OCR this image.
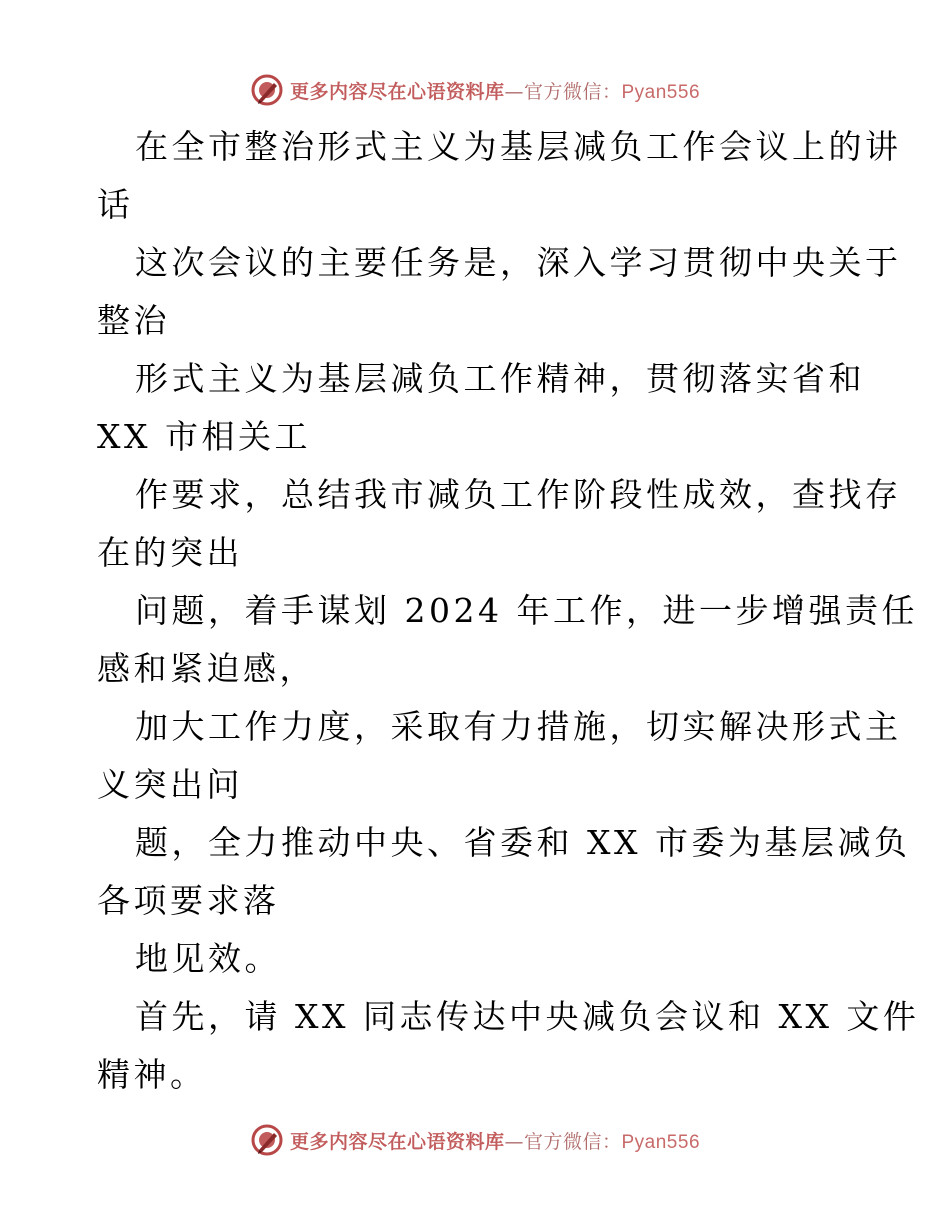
更多内容尽在心语资料库—官方微信：Pyan556
在全市整治形式主义为基层减负工作会议上的讲
话
这次会议的主要任务是，深入学习贯彻中央关于
整治
形式主义为基层减负工作精神，贯彻落实省和
XX 市相关工
作要求，总结我市减负工作阶段性成效，查找存
在的突出
问题，着手谋划 2024 年工作，进一步增强责任
感和紧迫感，
加大工作力度，采取有力措施，切实解决形式主
义突出问
题，全力推动中央、省委和 XX 市委为基层减负
各项要求落
地见效。
首先，请 XX 同志传达中央减负会议和 XX 文件
精神。
更多内容尽在心语资料库—官方微信：Pyan556
